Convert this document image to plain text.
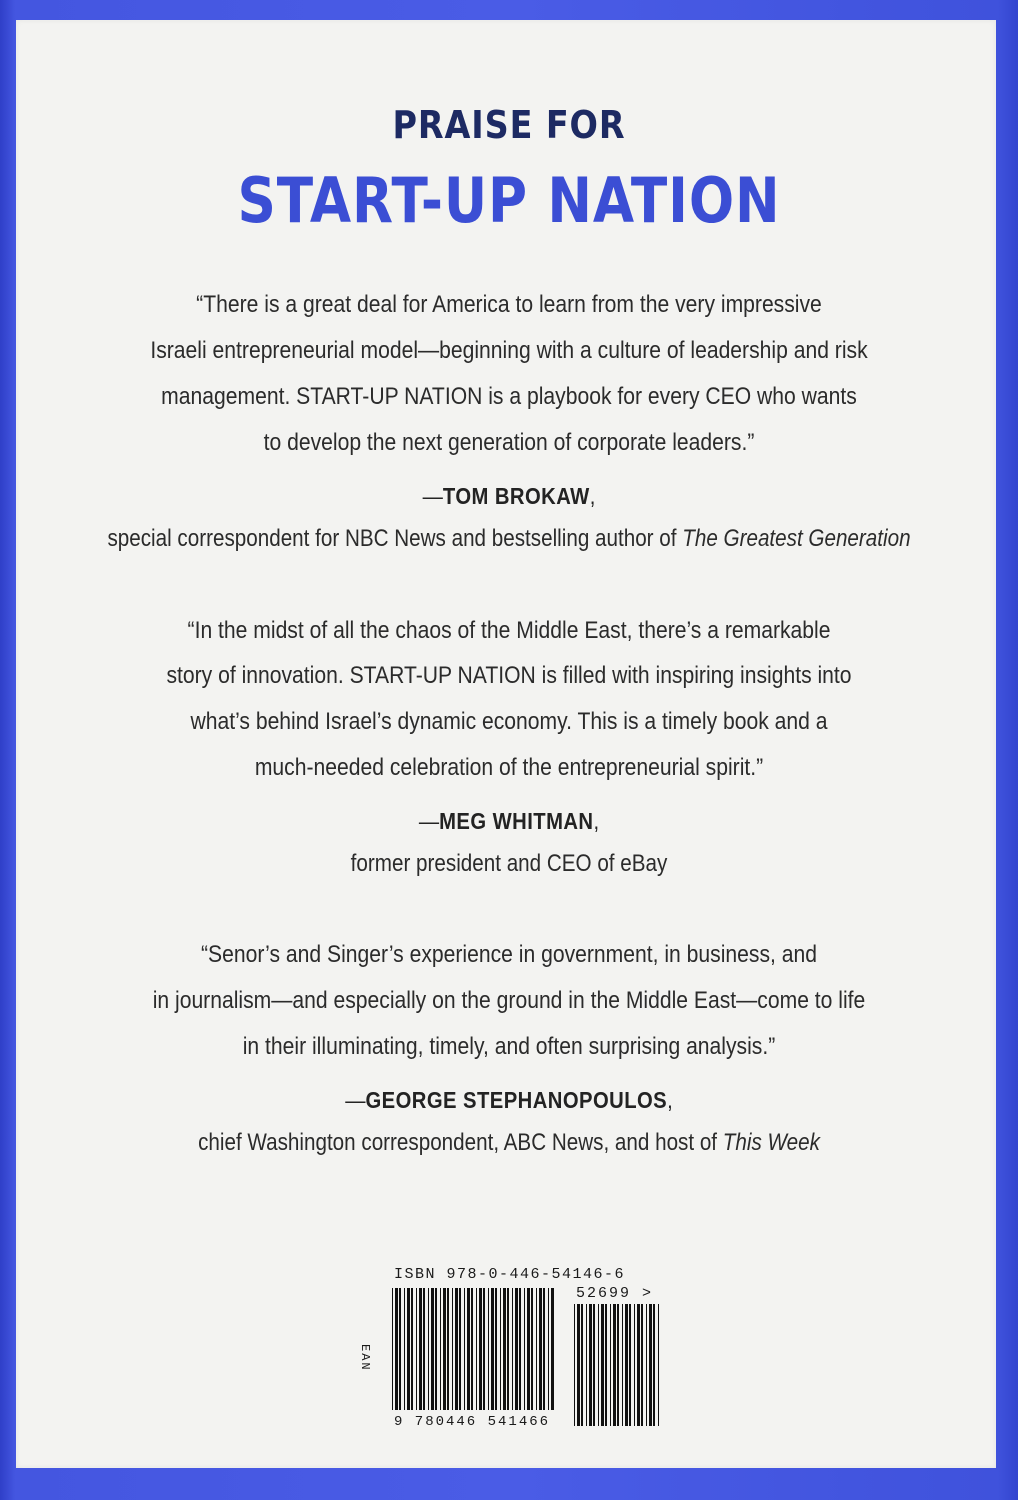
PRAISE FOR
START-UP NATION
“There is a great deal for America to learn from the very impressive
Israeli entrepreneurial model—beginning with a culture of leadership and risk
management. START-UP NATION is a playbook for every CEO who wants
to develop the next generation of corporate leaders.”
—TOM BROKAW,
special correspondent for NBC News and bestselling author of The Greatest Generation
“In the midst of all the chaos of the Middle East, there’s a remarkable
story of innovation. START-UP NATION is filled with inspiring insights into
what’s behind Israel’s dynamic economy. This is a timely book and a
much-needed celebration of the entrepreneurial spirit.”
—MEG WHITMAN,
former president and CEO of eBay
“Senor’s and Singer’s experience in government, in business, and
in journalism—and especially on the ground in the Middle East—come to life
in their illuminating, timely, and often surprising analysis.”
—GEORGE STEPHANOPOULOS,
chief Washington correspondent, ABC News, and host of This Week
ISBN 978-0-446-54146-6
52699 >
EAN
9 780446 541466
